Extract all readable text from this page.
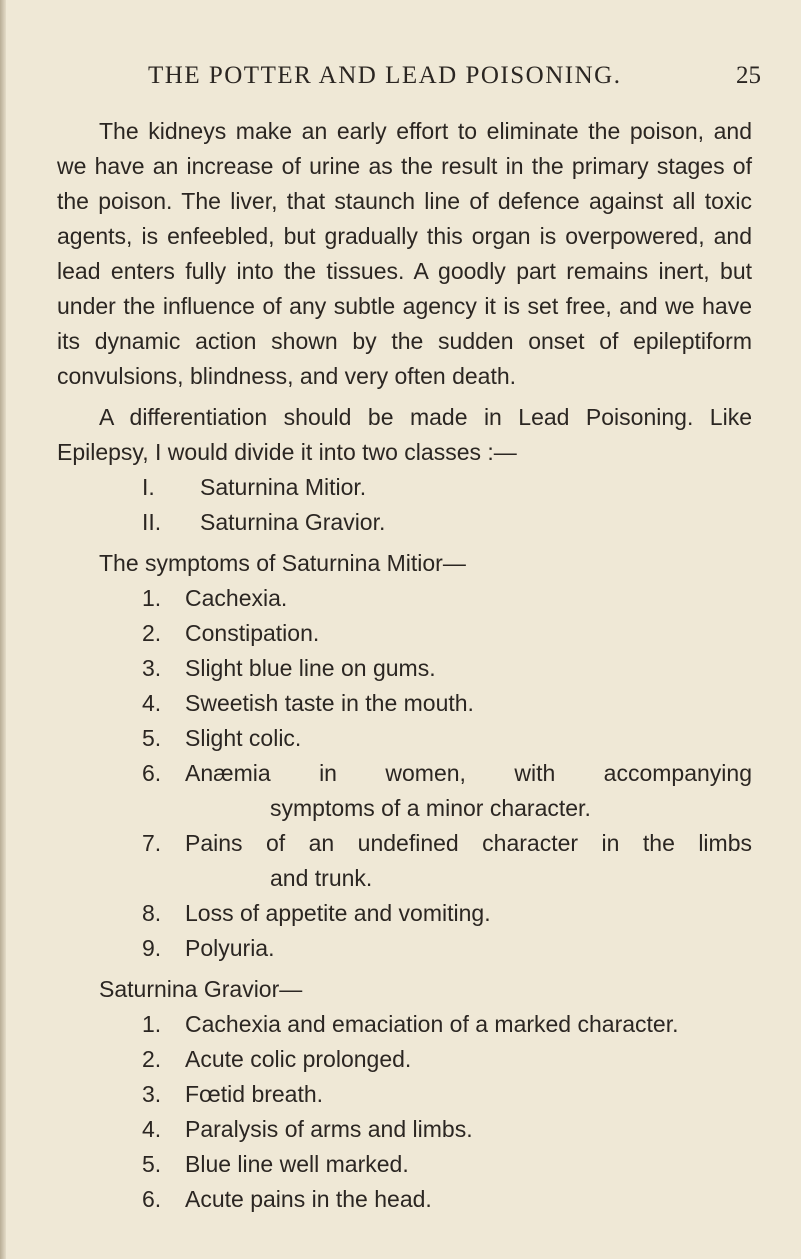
THE POTTER AND LEAD POISONING.	25

The kidneys make an early effort to eliminate the poison, and we have an increase of urine as the result in the primary stages of the poison. The liver, that staunch line of defence against all toxic agents, is enfeebled, but gradually this organ is overpowered, and lead enters fully into the tissues. A goodly part remains inert, but under the influence of any subtle agency it is set free, and we have its dynamic action shown by the sudden onset of epileptiform convulsions, blindness, and very often death.

A differentiation should be made in Lead Poisoning. Like Epilepsy, I would divide it into two classes :—

I.	Saturnina Mitior.
II.	Saturnina Gravior.

The symptoms of Saturnina Mitior—

1.	Cachexia.
2.	Constipation.
3.	Slight blue line on gums.
4.	Sweetish taste in the mouth.
5.	Slight colic.
6.	Anæmia in women, with accompanying
symptoms of a minor character.
7.	Pains of an undefined character in the limbs
and trunk.
8.	Loss of appetite and vomiting.
9.	Polyuria.

Saturnina Gravior—

1.	Cachexia and emaciation of a marked character.
2.	Acute colic prolonged.
3.	Fœtid breath.
4.	Paralysis of arms and limbs.
5.	Blue line well marked.
6.	Acute pains in the head.
